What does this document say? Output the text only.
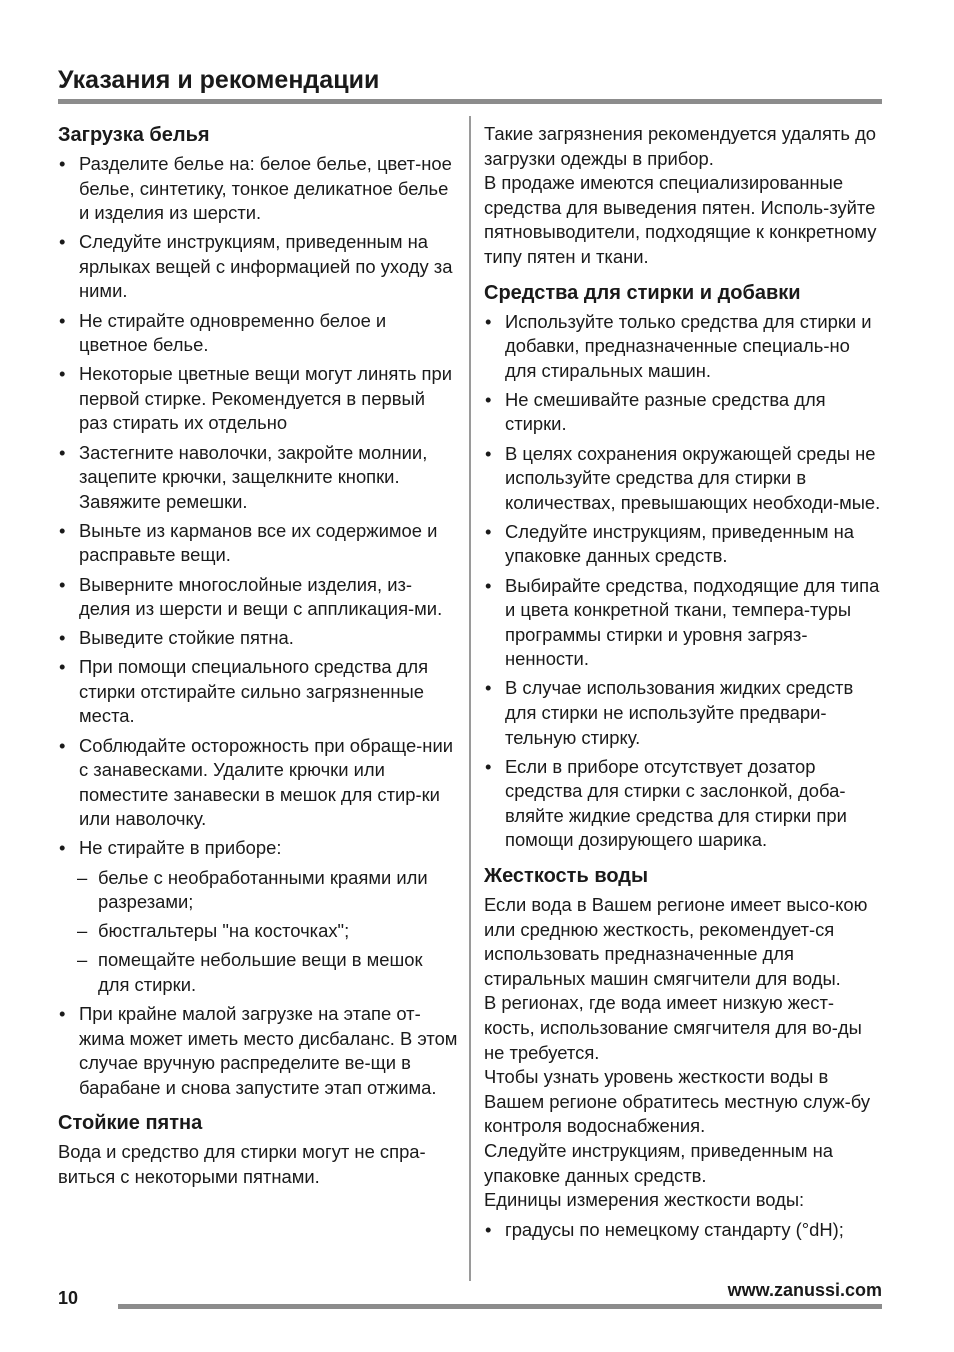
Указания и рекомендации
Загрузка белья
• Разделите белье на: белое белье, цвет-ное белье, синтетику, тонкое деликатное белье и изделия из шерсти.
• Следуйте инструкциям, приведенным на ярлыках вещей с информацией по уходу за ними.
• Не стирайте одновременно белое и цветное белье.
• Некоторые цветные вещи могут линять при первой стирке. Рекомендуется в первый раз стирать их отдельно
• Застегните наволочки, закройте молнии, зацепите крючки, защелкните кнопки. Завяжите ремешки.
• Выньте из карманов все их содержимое и расправьте вещи.
• Выверните многослойные изделия, из-делия из шерсти и вещи с аппликация-ми.
• Выведите стойкие пятна.
• При помощи специального средства для стирки отстирайте сильно загрязненные места.
• Соблюдайте осторожность при обраще-нии с занавесками. Удалите крючки или поместите занавески в мешок для стир-ки или наволочку.
• Не стирайте в приборе:
– белье с необработанными краями или разрезами;
– бюстгальтеры "на косточках";
– помещайте небольшие вещи в мешок для стирки.
• При крайне малой загрузке на этапе от-жима может иметь место дисбаланс. В этом случае вручную распределите ве-щи в барабане и снова запустите этап отжима.
Стойкие пятна

Вода и средство для стирки могут не спра-виться с некоторыми пятнами.

Такие загрязнения рекомендуется удалять до загрузки одежды в прибор.

В продаже имеются специализированные средства для выведения пятен. Исполь-зуйте пятновыводители, подходящие к конкретному типу пятен и ткани.

Средства для стирки и добавки
• Используйте только средства для стирки и добавки, предназначенные специаль-но для стиральных машин.
• Не смешивайте разные средства для стирки.
• В целях сохранения окружающей среды не используйте средства для стирки в количествах, превышающих необходи-мые.
• Следуйте инструкциям, приведенным на упаковке данных средств.
• Выбирайте средства, подходящие для типа и цвета конкретной ткани, темпера-туры программы стирки и уровня загряз-ненности.
• В случае использования жидких средств для стирки не используйте предвари-тельную стирку.
• Если в приборе отсутствует дозатор средства для стирки с заслонкой, доба-вляйте жидкие средства для стирки при помощи дозирующего шарика.
Жесткость воды

Если вода в Вашем регионе имеет высо-кою или среднюю жесткость, рекомендует-ся использовать предназначенные для стиральных машин смягчители для воды.

В регионах, где вода имеет низкую жест-кость, использование смягчителя для во-ды не требуется.

Чтобы узнать уровень жесткости воды в Вашем регионе обратитесь местную служ-бу контроля водоснабжения.

Следуйте инструкциям, приведенным на упаковке данных средств.

Единицы измерения жесткости воды:

• градусы по немецкому стандарту (°dH);
10	www.zanussi.com
